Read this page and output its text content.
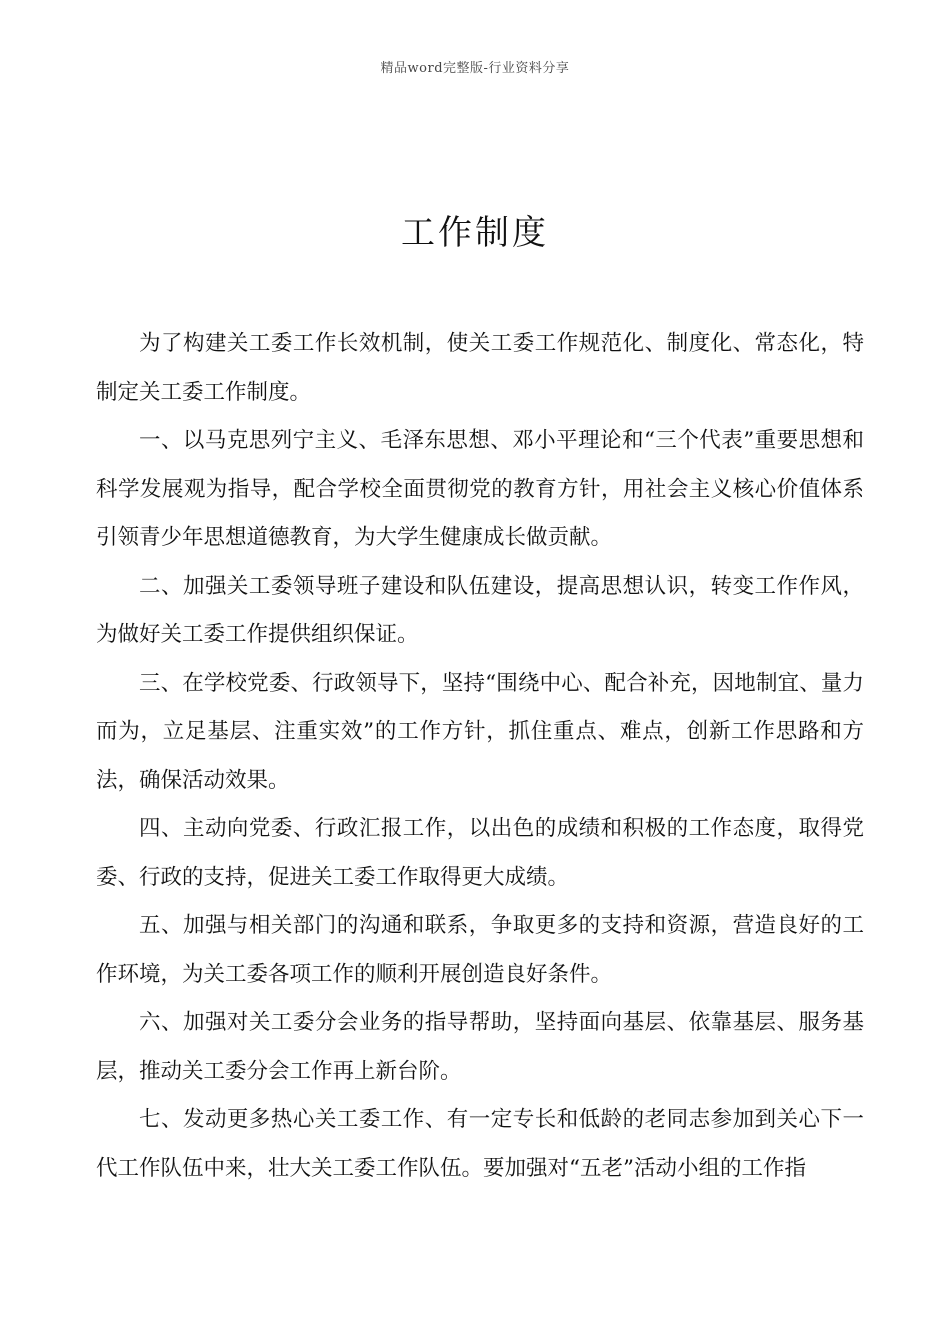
精品word完整版-行业资料分享
工作制度

为了构建关工委工作长效机制，使关工委工作规范化、制度化、常态化，特制定关工委工作制度。

一、以马克思列宁主义、毛泽东思想、邓小平理论和“三个代表”重要思想和科学发展观为指导，配合学校全面贯彻党的教育方针，用社会主义核心价值体系引领青少年思想道德教育，为大学生健康成长做贡献。

二、加强关工委领导班子建设和队伍建设，提高思想认识，转变工作作风，为做好关工委工作提供组织保证。

三、在学校党委、行政领导下，坚持“围绕中心、配合补充，因地制宜、量力而为，立足基层、注重实效”的工作方针，抓住重点、难点，创新工作思路和方法，确保活动效果。

四、主动向党委、行政汇报工作，以出色的成绩和积极的工作态度，取得党委、行政的支持，促进关工委工作取得更大成绩。

五、加强与相关部门的沟通和联系，争取更多的支持和资源，营造良好的工作环境，为关工委各项工作的顺利开展创造良好条件。

六、加强对关工委分会业务的指导帮助，坚持面向基层、依靠基层、服务基层，推动关工委分会工作再上新台阶。

七、发动更多热心关工委工作、有一定专长和低龄的老同志参加到关心下一代工作队伍中来，壮大关工委工作队伍。要加强对“五老”活动小组的工作指
